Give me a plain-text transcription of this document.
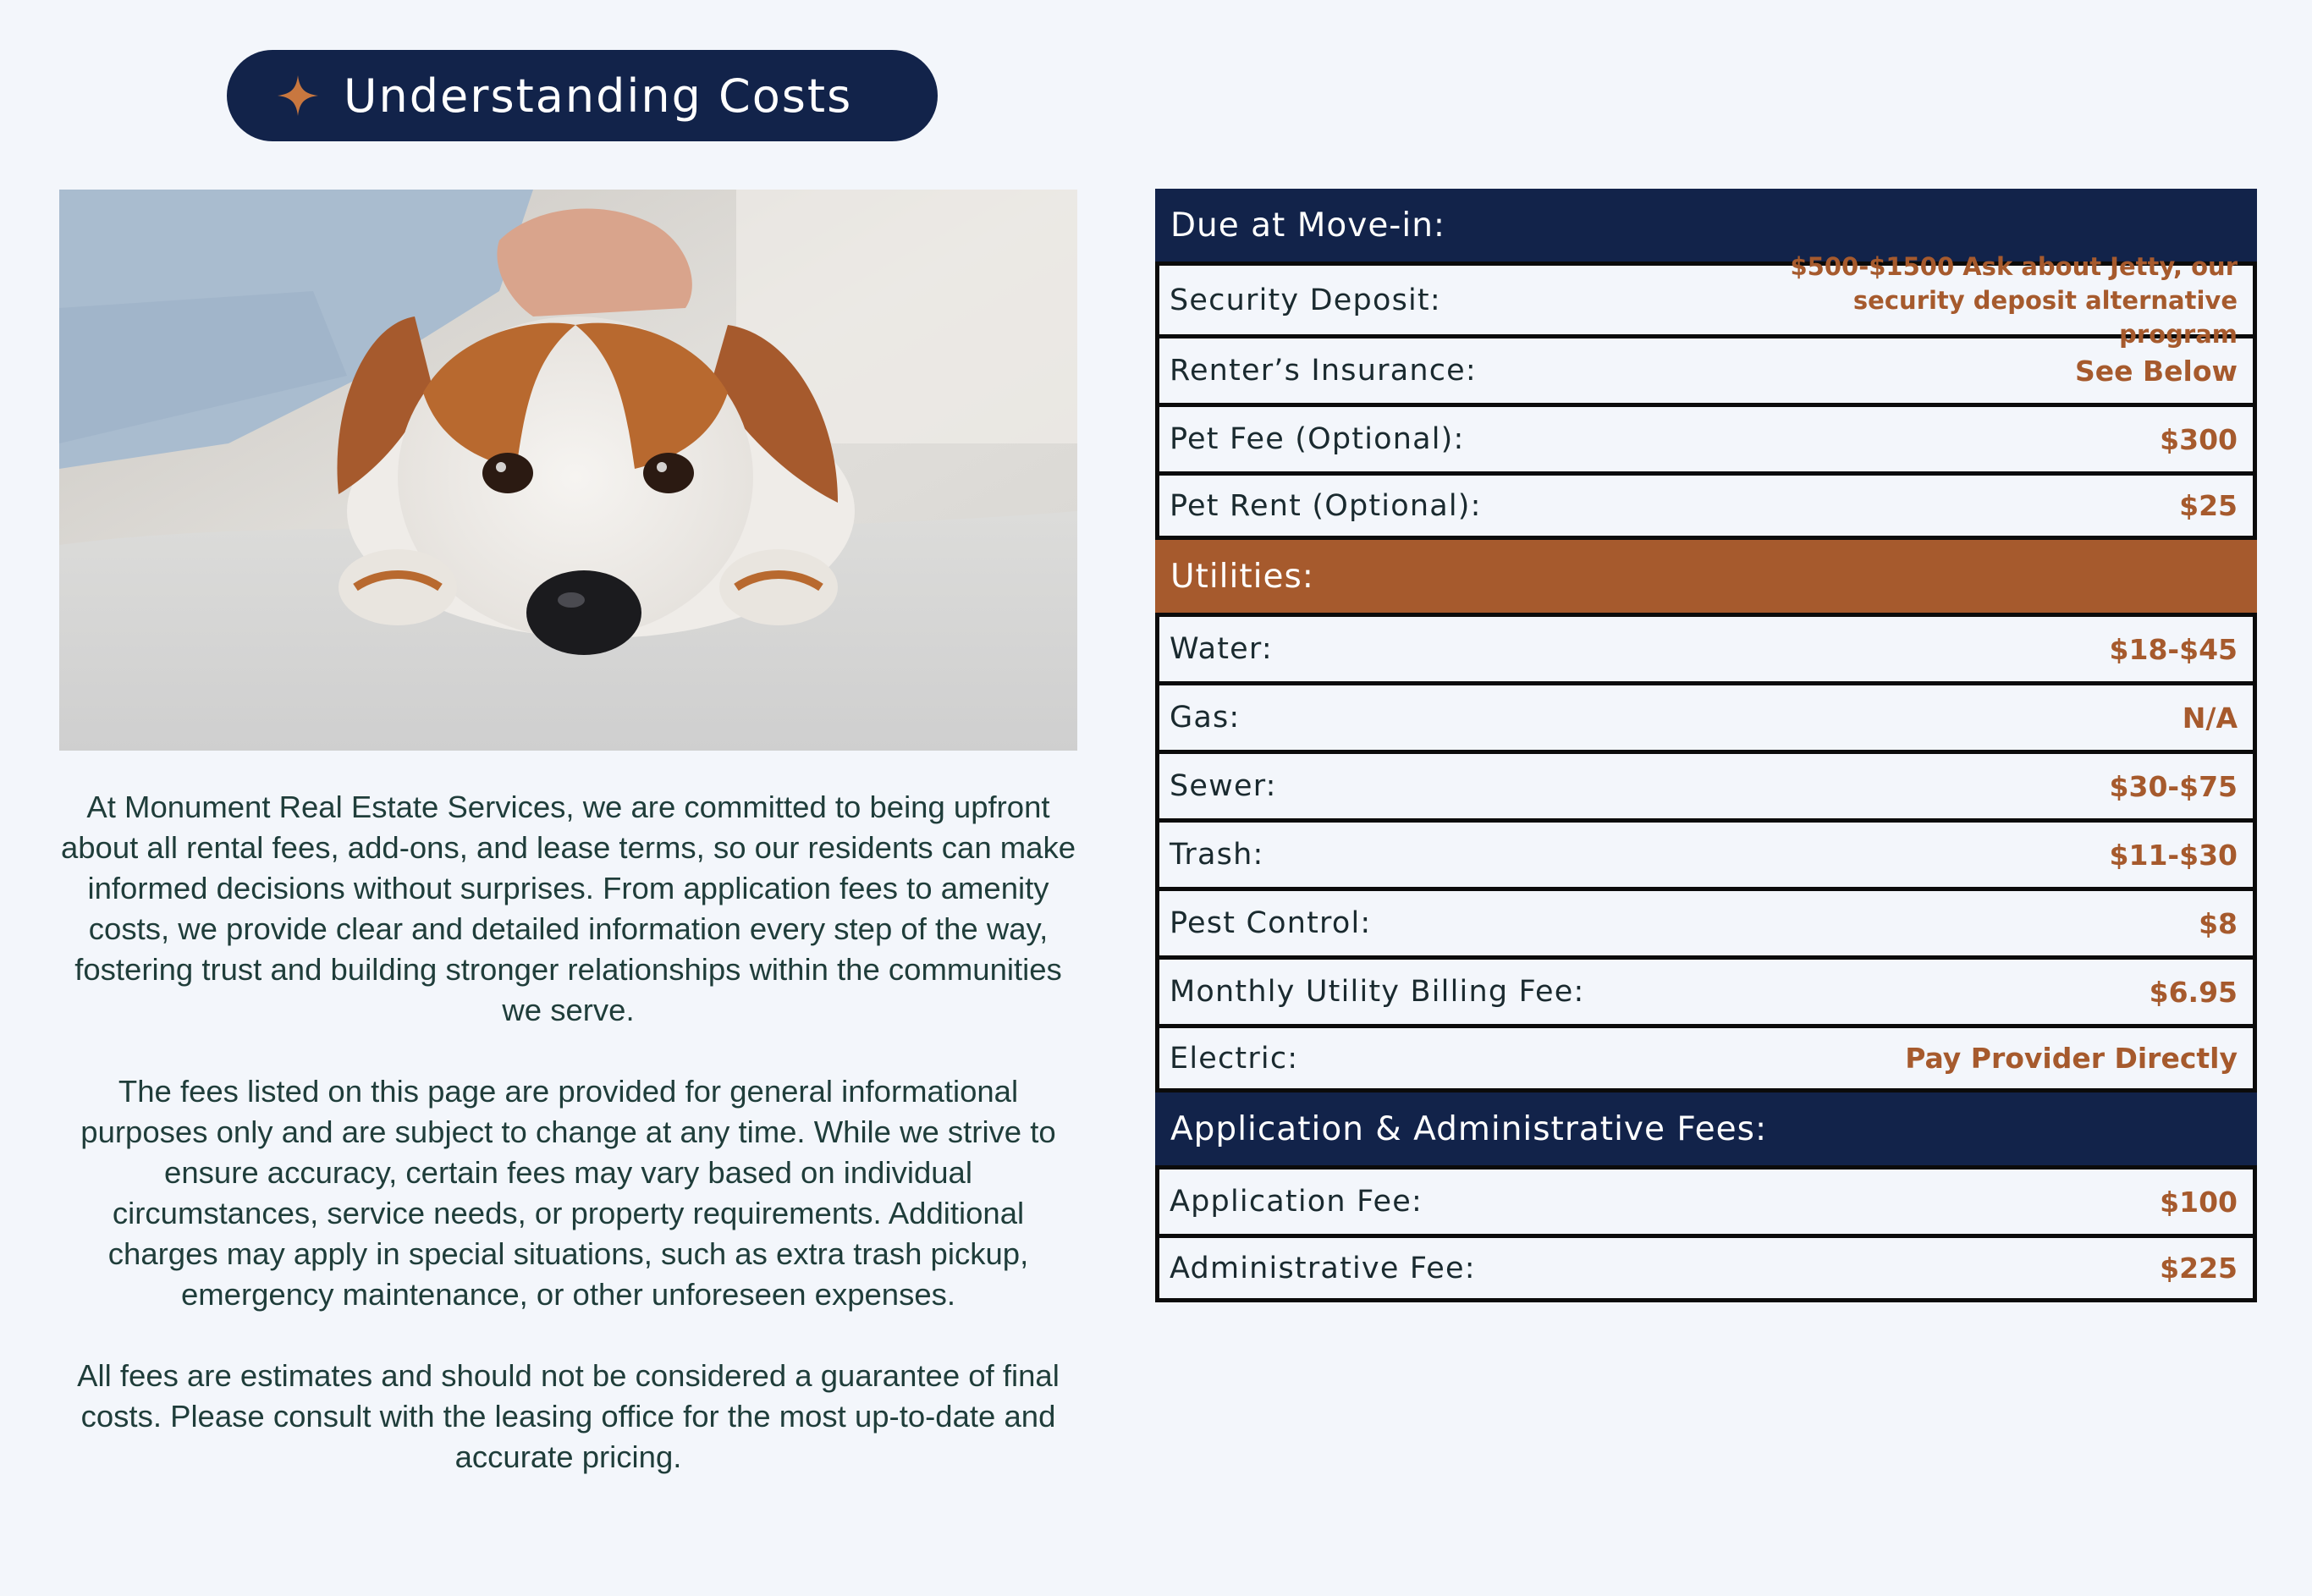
Understanding Costs

At Monument Real Estate Services, we are committed to being upfront about all rental fees, add-ons, and lease terms, so our residents can make informed decisions without surprises. From application fees to amenity costs, we provide clear and detailed information every step of the way, fostering trust and building stronger relationships within the communities we serve.

The fees listed on this page are provided for general informational purposes only and are subject to change at any time. While we strive to ensure accuracy, certain fees may vary based on individual circumstances, service needs, or property requirements. Additional charges may apply in special situations, such as extra trash pickup, emergency maintenance, or other unforeseen expenses.

All fees are estimates and should not be considered a guarantee of final costs. Please consult with the leasing office for the most up-to-date and accurate pricing.

Due at Move-in:
Security Deposit:
$500-$1500 Ask about Jetty, our security deposit alternative program
Renter’s Insurance:	See Below
Pet Fee (Optional):	$300
Pet Rent (Optional):	$25
Utilities:
Water:	$18-$45
Gas:	N/A
Sewer:	$30-$75
Trash:	$11-$30
Pest Control:	$8
Monthly Utility Billing Fee:	$6.95
Electric:	Pay Provider Directly
Application & Administrative Fees:
Application Fee:	$100
Administrative Fee:	$225
